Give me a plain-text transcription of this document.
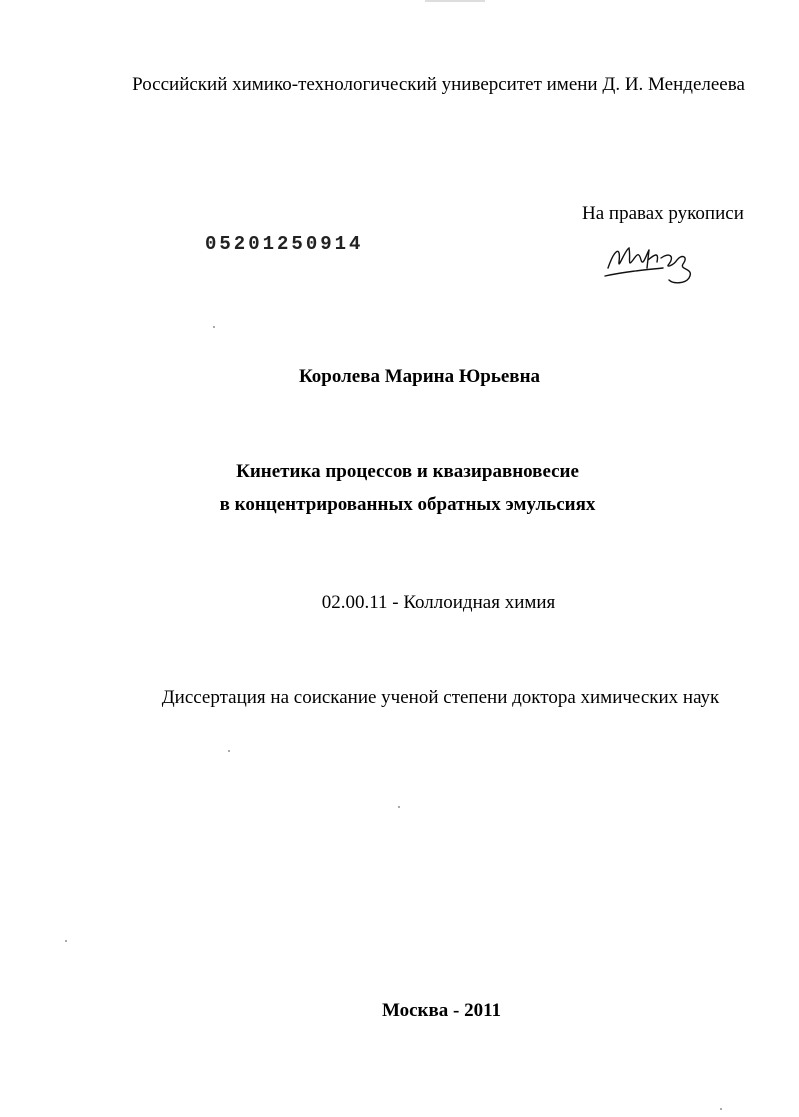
Российский химико-технологический университет имени Д. И. Менделеева
На правах рукописи
05201250914
Королева Марина Юрьевна
Кинетика процессов и квазиравновесие
в концентрированных обратных эмульсиях
02.00.11 - Коллоидная химия
Диссертация на соискание ученой степени доктора химических наук
Москва - 2011
